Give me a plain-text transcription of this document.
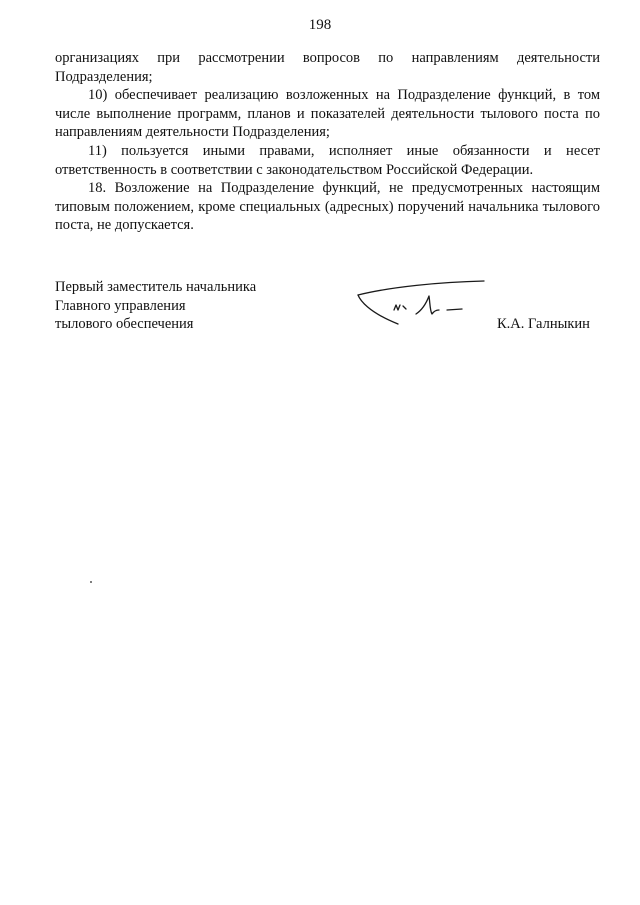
198

организациях при рассмотрении вопросов по направлениям деятельности Подразделения;

10) обеспечивает реализацию возложенных на Подразделение функций, в том числе выполнение программ, планов и показателей деятельности тылового поста по направлениям деятельности Подразделения;

11) пользуется иными правами, исполняет иные обязанности и несет ответственность в соответствии с законодательством Российской Федерации.

18. Возложение на Подразделение функций, не предусмотренных настоящим типовым положением, кроме специальных (адресных) поручений начальника тылового поста, не допускается.

Первый заместитель начальника
Главного управления
тылового обеспечения	К.А. Галныкин
